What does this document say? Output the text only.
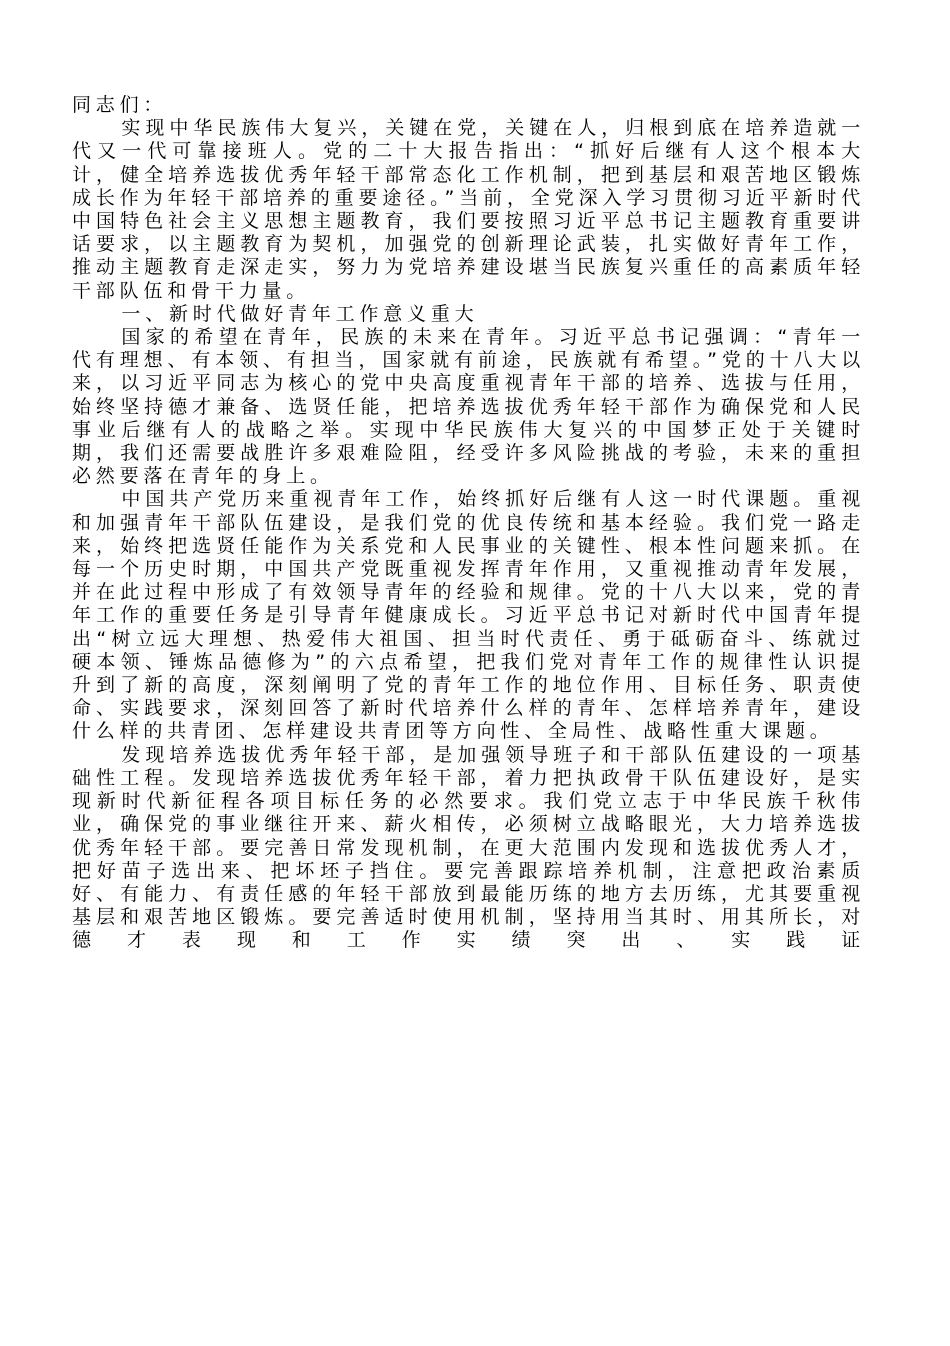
同志们：

实现中华民族伟大复兴，关键在党，关键在人，归根到底在培养造就一代又一代可靠接班人。党的二十大报告指出：“抓好后继有人这个根本大计，健全培养选拔优秀年轻干部常态化工作机制，把到基层和艰苦地区锻炼成长作为年轻干部培养的重要途径。”当前，全党深入学习贯彻习近平新时代中国特色社会主义思想主题教育，我们要按照习近平总书记主题教育重要讲话要求，以主题教育为契机，加强党的创新理论武装，扎实做好青年工作，推动主题教育走深走实，努力为党培养建设堪当民族复兴重任的高素质年轻干部队伍和骨干力量。

一、新时代做好青年工作意义重大

国家的希望在青年，民族的未来在青年。习近平总书记强调：“青年一代有理想、有本领、有担当，国家就有前途，民族就有希望。”党的十八大以来，以习近平同志为核心的党中央高度重视青年干部的培养、选拔与任用，始终坚持德才兼备、选贤任能，把培养选拔优秀年轻干部作为确保党和人民事业后继有人的战略之举。实现中华民族伟大复兴的中国梦正处于关键时期，我们还需要战胜许多艰难险阻，经受许多风险挑战的考验，未来的重担必然要落在青年的身上。

中国共产党历来重视青年工作，始终抓好后继有人这一时代课题。重视和加强青年干部队伍建设，是我们党的优良传统和基本经验。我们党一路走来，始终把选贤任能作为关系党和人民事业的关键性、根本性问题来抓。在每一个历史时期，中国共产党既重视发挥青年作用，又重视推动青年发展，并在此过程中形成了有效领导青年的经验和规律。党的十八大以来，党的青年工作的重要任务是引导青年健康成长。习近平总书记对新时代中国青年提出“树立远大理想、热爱伟大祖国、担当时代责任、勇于砥砺奋斗、练就过硬本领、锤炼品德修为”的六点希望，把我们党对青年工作的规律性认识提升到了新的高度，深刻阐明了党的青年工作的地位作用、目标任务、职责使命、实践要求，深刻回答了新时代培养什么样的青年、怎样培养青年，建设什么样的共青团、怎样建设共青团等方向性、全局性、战略性重大课题。

发现培养选拔优秀年轻干部，是加强领导班子和干部队伍建设的一项基础性工程。发现培养选拔优秀年轻干部，着力把执政骨干队伍建设好，是实现新时代新征程各项目标任务的必然要求。我们党立志于中华民族千秋伟业，确保党的事业继往开来、薪火相传，必须树立战略眼光，大力培养选拔优秀年轻干部。要完善日常发现机制，在更大范围内发现和选拔优秀人才，把好苗子选出来、把坏坯子挡住。要完善跟踪培养机制，注意把政治素质好、有能力、有责任感的年轻干部放到最能历练的地方去历练，尤其要重视基层和艰苦地区锻炼。要完善适时使用机制，坚持用当其时、用其所长，对德才表现和工作实绩突出、实践证
